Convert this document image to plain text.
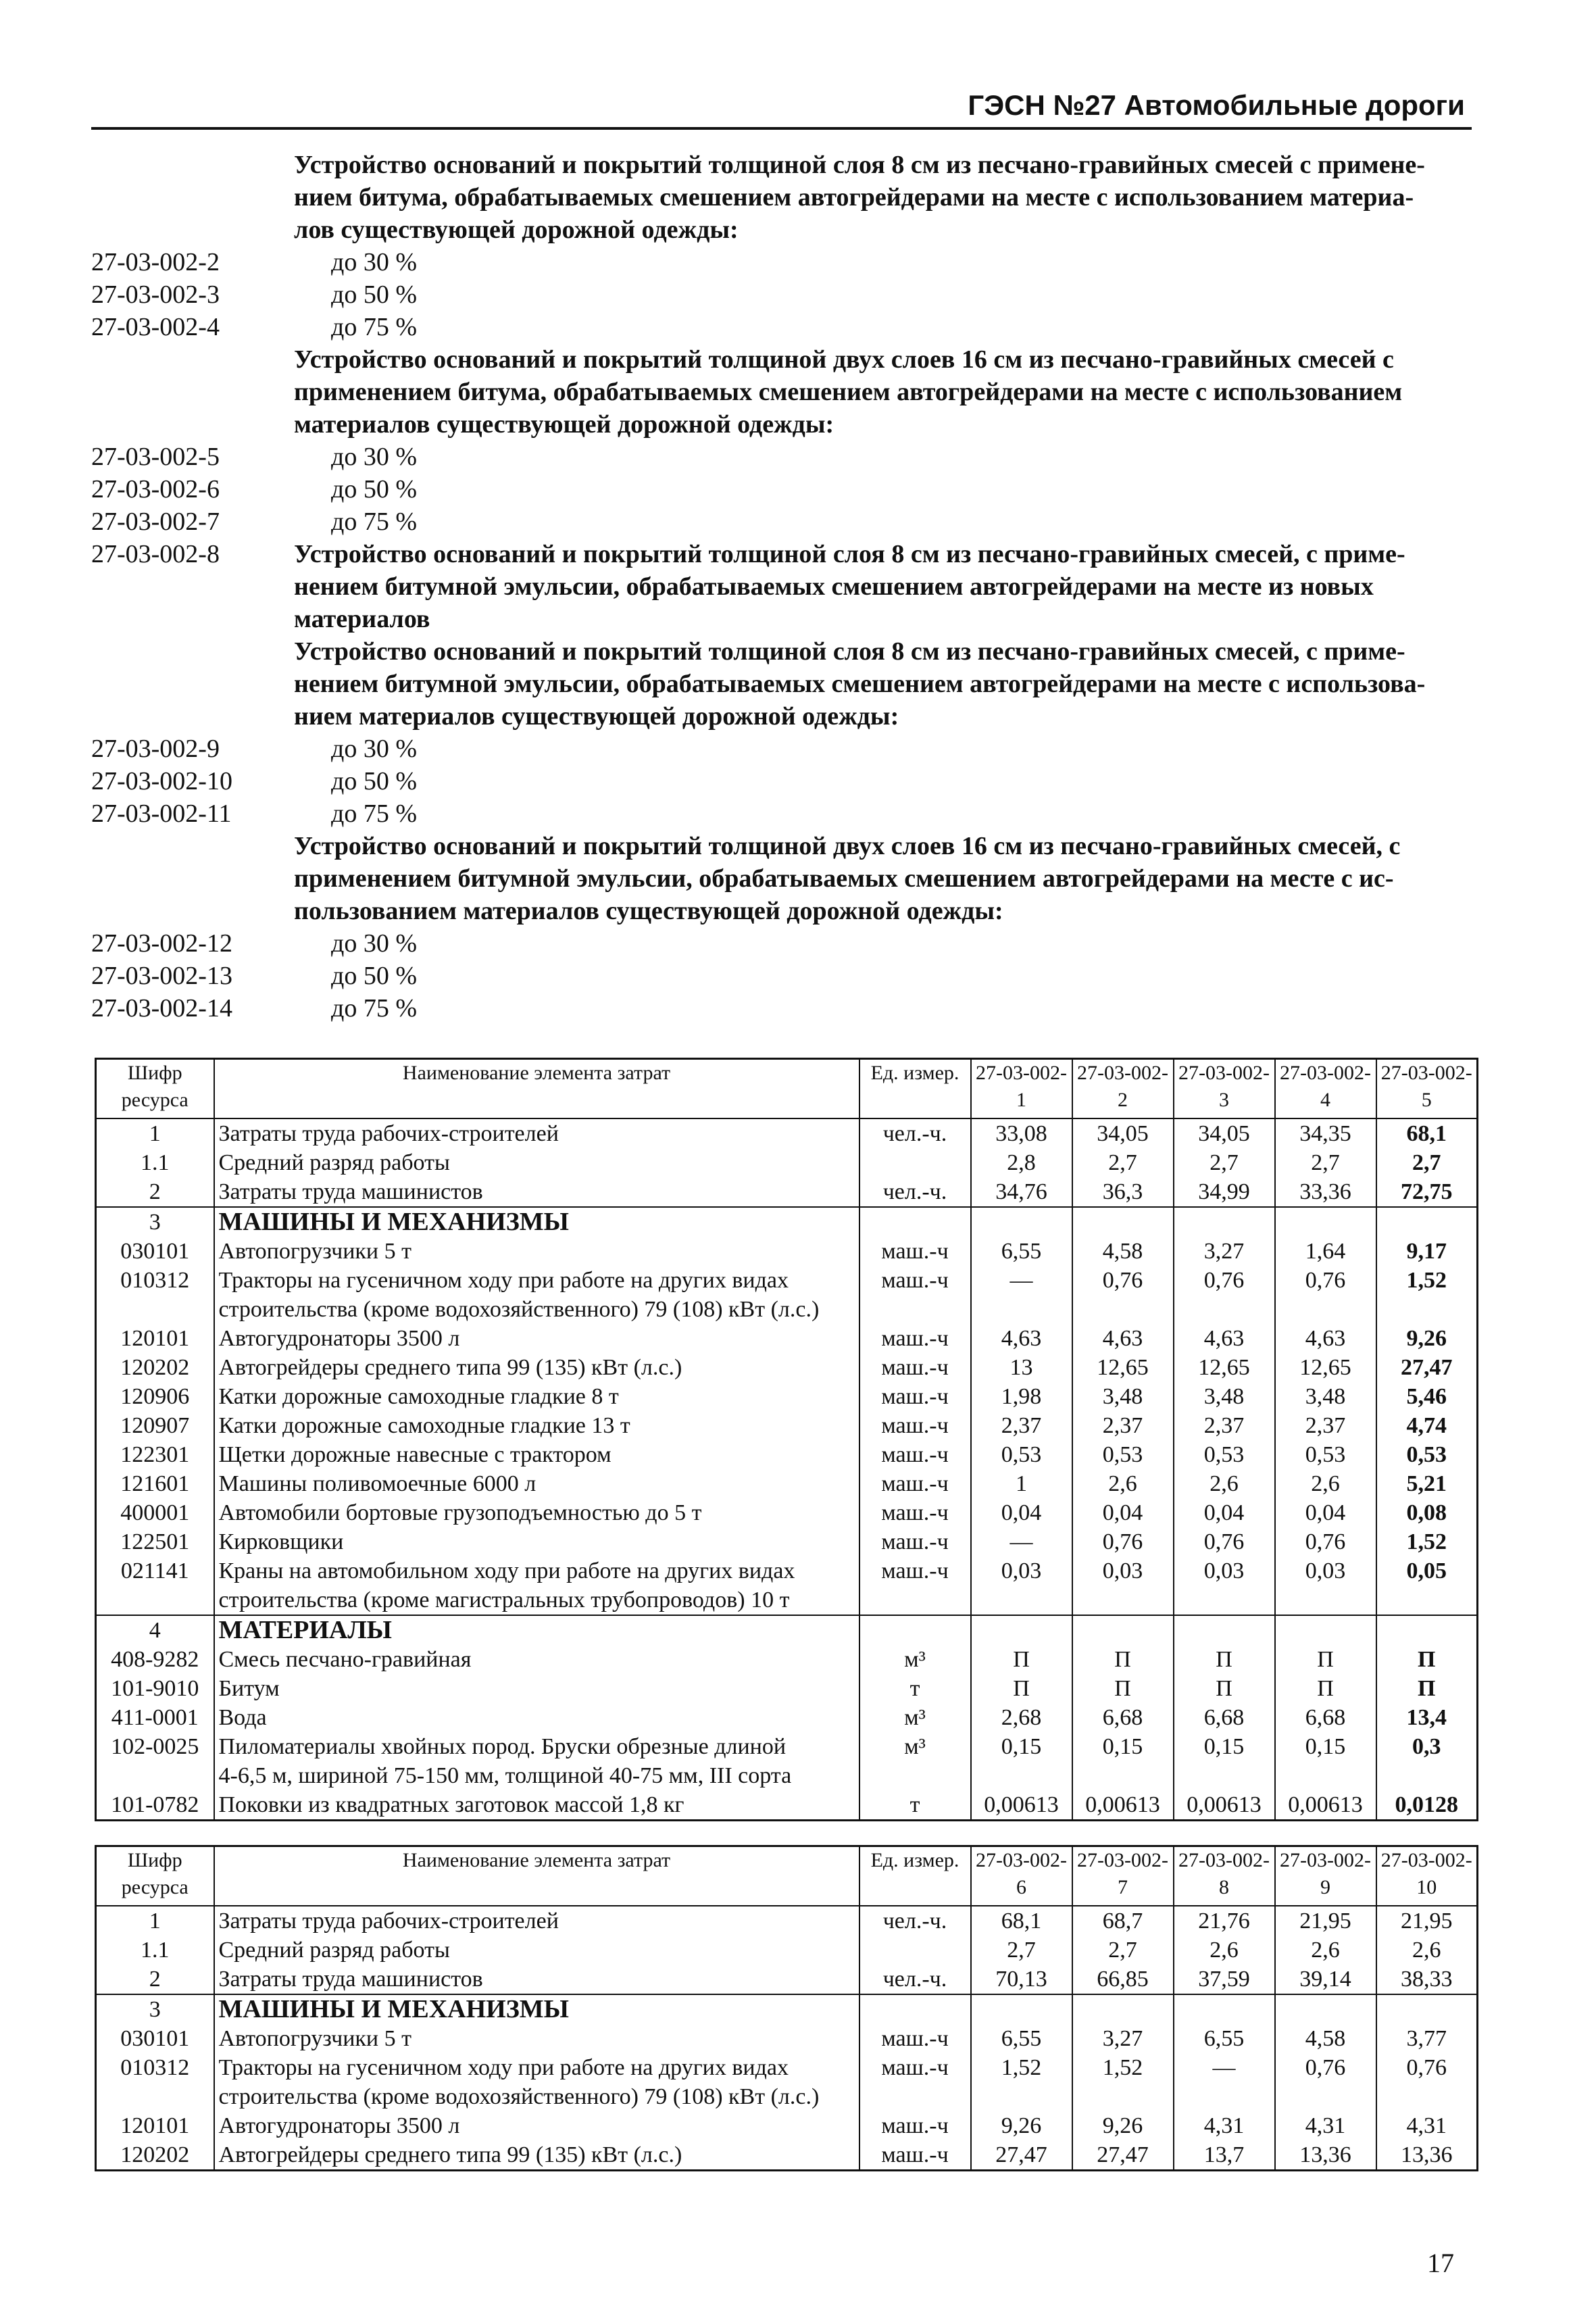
ГЭСН №27 Автомобильные дороги
Устройство оснований и покрытий толщиной слоя 8 см из песчано-гравийных смесей с примене-
нием битума, обрабатываемых смешением автогрейдерами на месте с использованием материа-
лов существующей дорожной одежды:
27-03-002-2	до 30 %
27-03-002-3	до 50 %
27-03-002-4	до 75 %
Устройство оснований и покрытий толщиной двух слоев 16 см из песчано-гравийных смесей с
применением битума, обрабатываемых смешением автогрейдерами на месте с использованием
материалов существующей дорожной одежды:
27-03-002-5	до 30 %
27-03-002-6	до 50 %
27-03-002-7	до 75 %
27-03-002-8	Устройство оснований и покрытий толщиной слоя 8 см из песчано-гравийных смесей, с приме-
нением битумной эмульсии, обрабатываемых смешением автогрейдерами на месте из новых
материалов
Устройство оснований и покрытий толщиной слоя 8 см из песчано-гравийных смесей, с приме-
нением битумной эмульсии, обрабатываемых смешением автогрейдерами на месте с использова-
нием материалов существующей дорожной одежды:
27-03-002-9	до 30 %
27-03-002-10	до 50 %
27-03-002-11	до 75 %
Устройство оснований и покрытий толщиной двух слоев 16 см из песчано-гравийных смесей, с
применением битумной эмульсии, обрабатываемых смешением автогрейдерами на месте с ис-
пользованием материалов существующей дорожной одежды:
27-03-002-12	до 30 %
27-03-002-13	до 50 %
27-03-002-14	до 75 %
Шифр ресурса	Наименование элемента затрат	Ед. измер.	27-03-002-1	27-03-002-2	27-03-002-3	27-03-002-4	27-03-002-5
1	Затраты труда рабочих-строителей	чел.-ч.	33,08	34,05	34,05	34,35	68,1
1.1	Средний разряд работы		2,8	2,7	2,7	2,7	2,7
2	Затраты труда машинистов	чел.-ч.	34,76	36,3	34,99	33,36	72,75
3	МАШИНЫ И МЕХАНИЗМЫ						
030101	Автопогрузчики 5 т	маш.-ч	6,55	4,58	3,27	1,64	9,17
010312	Тракторы на гусеничном ходу при работе на других видах	маш.-ч	—	0,76	0,76	0,76	1,52
	строительства (кроме водохозяйственного) 79 (108) кВт (л.с.)						
120101	Автогудронаторы 3500 л	маш.-ч	4,63	4,63	4,63	4,63	9,26
120202	Автогрейдеры среднего типа 99 (135) кВт (л.с.)	маш.-ч	13	12,65	12,65	12,65	27,47
120906	Катки дорожные самоходные гладкие 8 т	маш.-ч	1,98	3,48	3,48	3,48	5,46
120907	Катки дорожные самоходные гладкие 13 т	маш.-ч	2,37	2,37	2,37	2,37	4,74
122301	Щетки дорожные навесные с трактором	маш.-ч	0,53	0,53	0,53	0,53	0,53
121601	Машины поливомоечные 6000 л	маш.-ч	1	2,6	2,6	2,6	5,21
400001	Автомобили бортовые грузоподъемностью до 5 т	маш.-ч	0,04	0,04	0,04	0,04	0,08
122501	Кирковщики	маш.-ч	—	0,76	0,76	0,76	1,52
021141	Краны на автомобильном ходу при работе на других видах	маш.-ч	0,03	0,03	0,03	0,03	0,05
	строительства (кроме магистральных трубопроводов) 10 т						
4	МАТЕРИАЛЫ						
408-9282	Смесь песчано-гравийная	м³	П	П	П	П	П
101-9010	Битум	т	П	П	П	П	П
411-0001	Вода	м³	2,68	6,68	6,68	6,68	13,4
102-0025	Пиломатериалы хвойных пород. Бруски обрезные длиной	м³	0,15	0,15	0,15	0,15	0,3
	4-6,5 м, шириной 75-150 мм, толщиной 40-75 мм, III сорта						
101-0782	Поковки из квадратных заготовок массой 1,8 кг	т	0,00613	0,00613	0,00613	0,00613	0,0128
Шифр ресурса	Наименование элемента затрат	Ед. измер.	27-03-002-6	27-03-002-7	27-03-002-8	27-03-002-9	27-03-002-10
1	Затраты труда рабочих-строителей	чел.-ч.	68,1	68,7	21,76	21,95	21,95
1.1	Средний разряд работы		2,7	2,7	2,6	2,6	2,6
2	Затраты труда машинистов	чел.-ч.	70,13	66,85	37,59	39,14	38,33
3	МАШИНЫ И МЕХАНИЗМЫ						
030101	Автопогрузчики 5 т	маш.-ч	6,55	3,27	6,55	4,58	3,77
010312	Тракторы на гусеничном ходу при работе на других видах	маш.-ч	1,52	1,52	—	0,76	0,76
	строительства (кроме водохозяйственного) 79 (108) кВт (л.с.)						
120101	Автогудронаторы 3500 л	маш.-ч	9,26	9,26	4,31	4,31	4,31
120202	Автогрейдеры среднего типа 99 (135) кВт (л.с.)	маш.-ч	27,47	27,47	13,7	13,36	13,36
17
